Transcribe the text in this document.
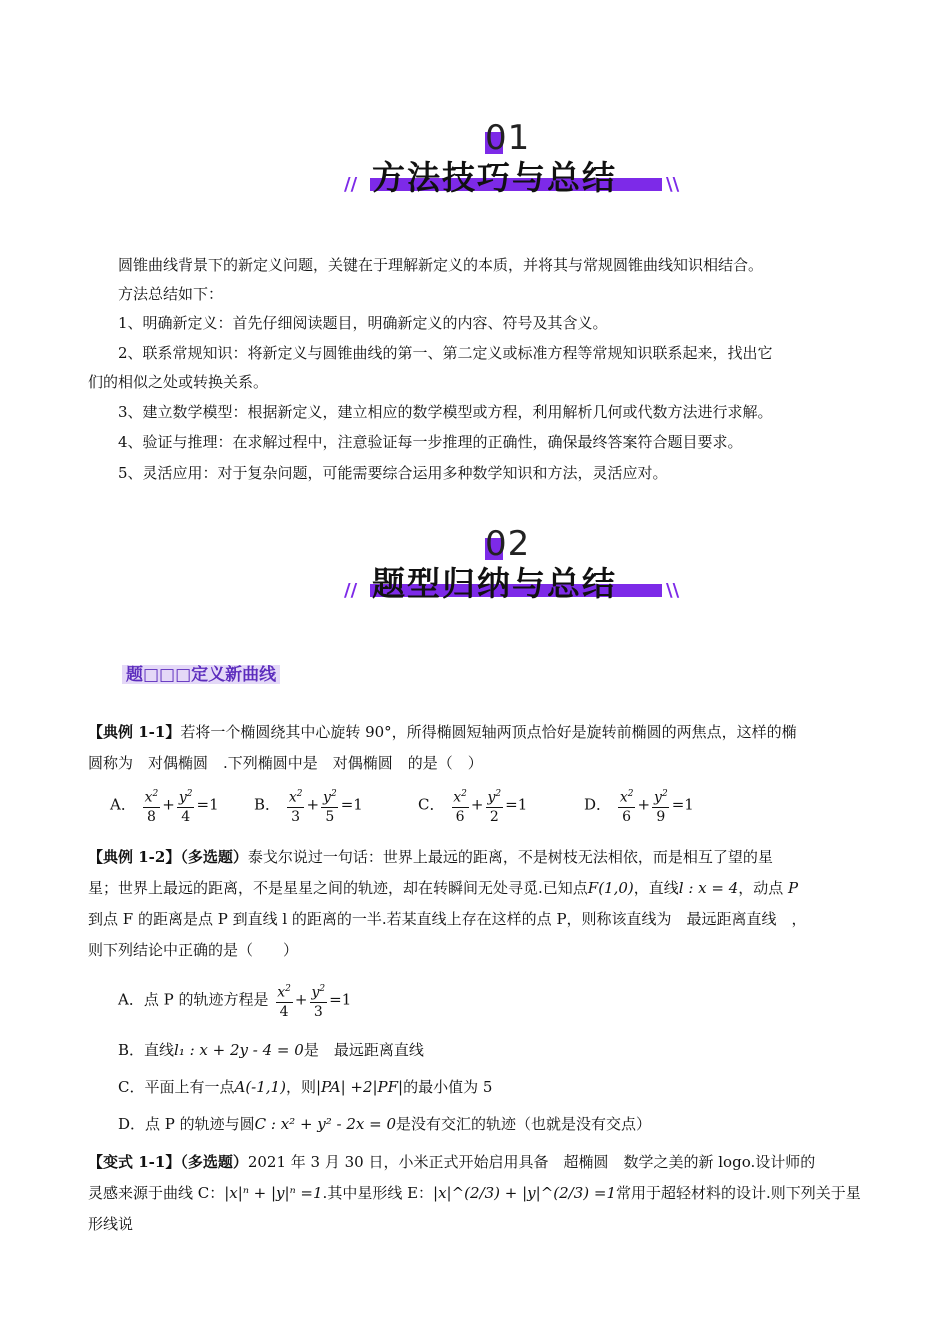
01
方法技巧与总结
//	\\
圆锥曲线背景下的新定义问题，关键在于理解新定义的本质，并将其与常规圆锥曲线知识相结合。
方法总结如下：
1、明确新定义：首先仔细阅读题目，明确新定义的内容、符号及其含义。
2、联系常规知识：将新定义与圆锥曲线的第一、第二定义或标准方程等常规知识联系起来，找出它
们的相似之处或转换关系。
3、建立数学模型：根据新定义，建立相应的数学模型或方程，利用解析几何或代数方法进行求解。
4、验证与推理：在求解过程中，注意验证每一步推理的正确性，确保最终答案符合题目要求。
5、灵活应用：对于复杂问题，可能需要综合运用多种数学知识和方法，灵活应对。
02
题型归纳与总结
//	\\
题□□□定义新曲线
【典例 1-1】若将一个椭圆绕其中心旋转 90°，所得椭圆短轴两顶点恰好是旋转前椭圆的两焦点，这样的椭
圆称为　对偶椭圆　.下列椭圆中是　对偶椭圆　的是（　）
A． $\frac{x^2}{8} + \frac{y^2}{4} =1$ B． $\frac{x^2}{3} + \frac{y^2}{5} =1$	C． $\frac{x^2}{6} + \frac{y^2}{2} =1$	D． $\frac{x^2}{6} + \frac{y^2}{9} =1$
【典例 1-2】（多选题）泰戈尔说过一句话：世界上最远的距离，不是树枝无法相依，而是相互了望的星
星；世界上最远的距离，不是星星之间的轨迹，却在转瞬间无处寻觅.已知点F(1,0)，直线l : x = 4，动点 P
到点 F 的距离是点 P 到直线 l 的距离的一半.若某直线上存在这样的点 P，则称该直线为　最远距离直线　，
则下列结论中正确的是（　　）
A．点 P 的轨迹方程是 $\frac{x^2}{4} + \frac{y^2}{3} =1$
B．直线l₁ : x + 2y - 4 = 0是　最远距离直线
C．平面上有一点A(-1,1)，则|PA| +2|PF|的最小值为 5
D．点 P 的轨迹与圆C : x² + y² - 2x = 0是没有交汇的轨迹（也就是没有交点）
【变式 1-1】（多选题）2021 年 3 月 30 日，小米正式开始启用具备　超椭圆　数学之美的新 logo.设计师的
灵感来源于曲线 C：|x|ⁿ + |y|ⁿ =1.其中星形线 E：|x|^(2/3) + |y|^(2/3) =1常用于超轻材料的设计.则下列关于星形线说
